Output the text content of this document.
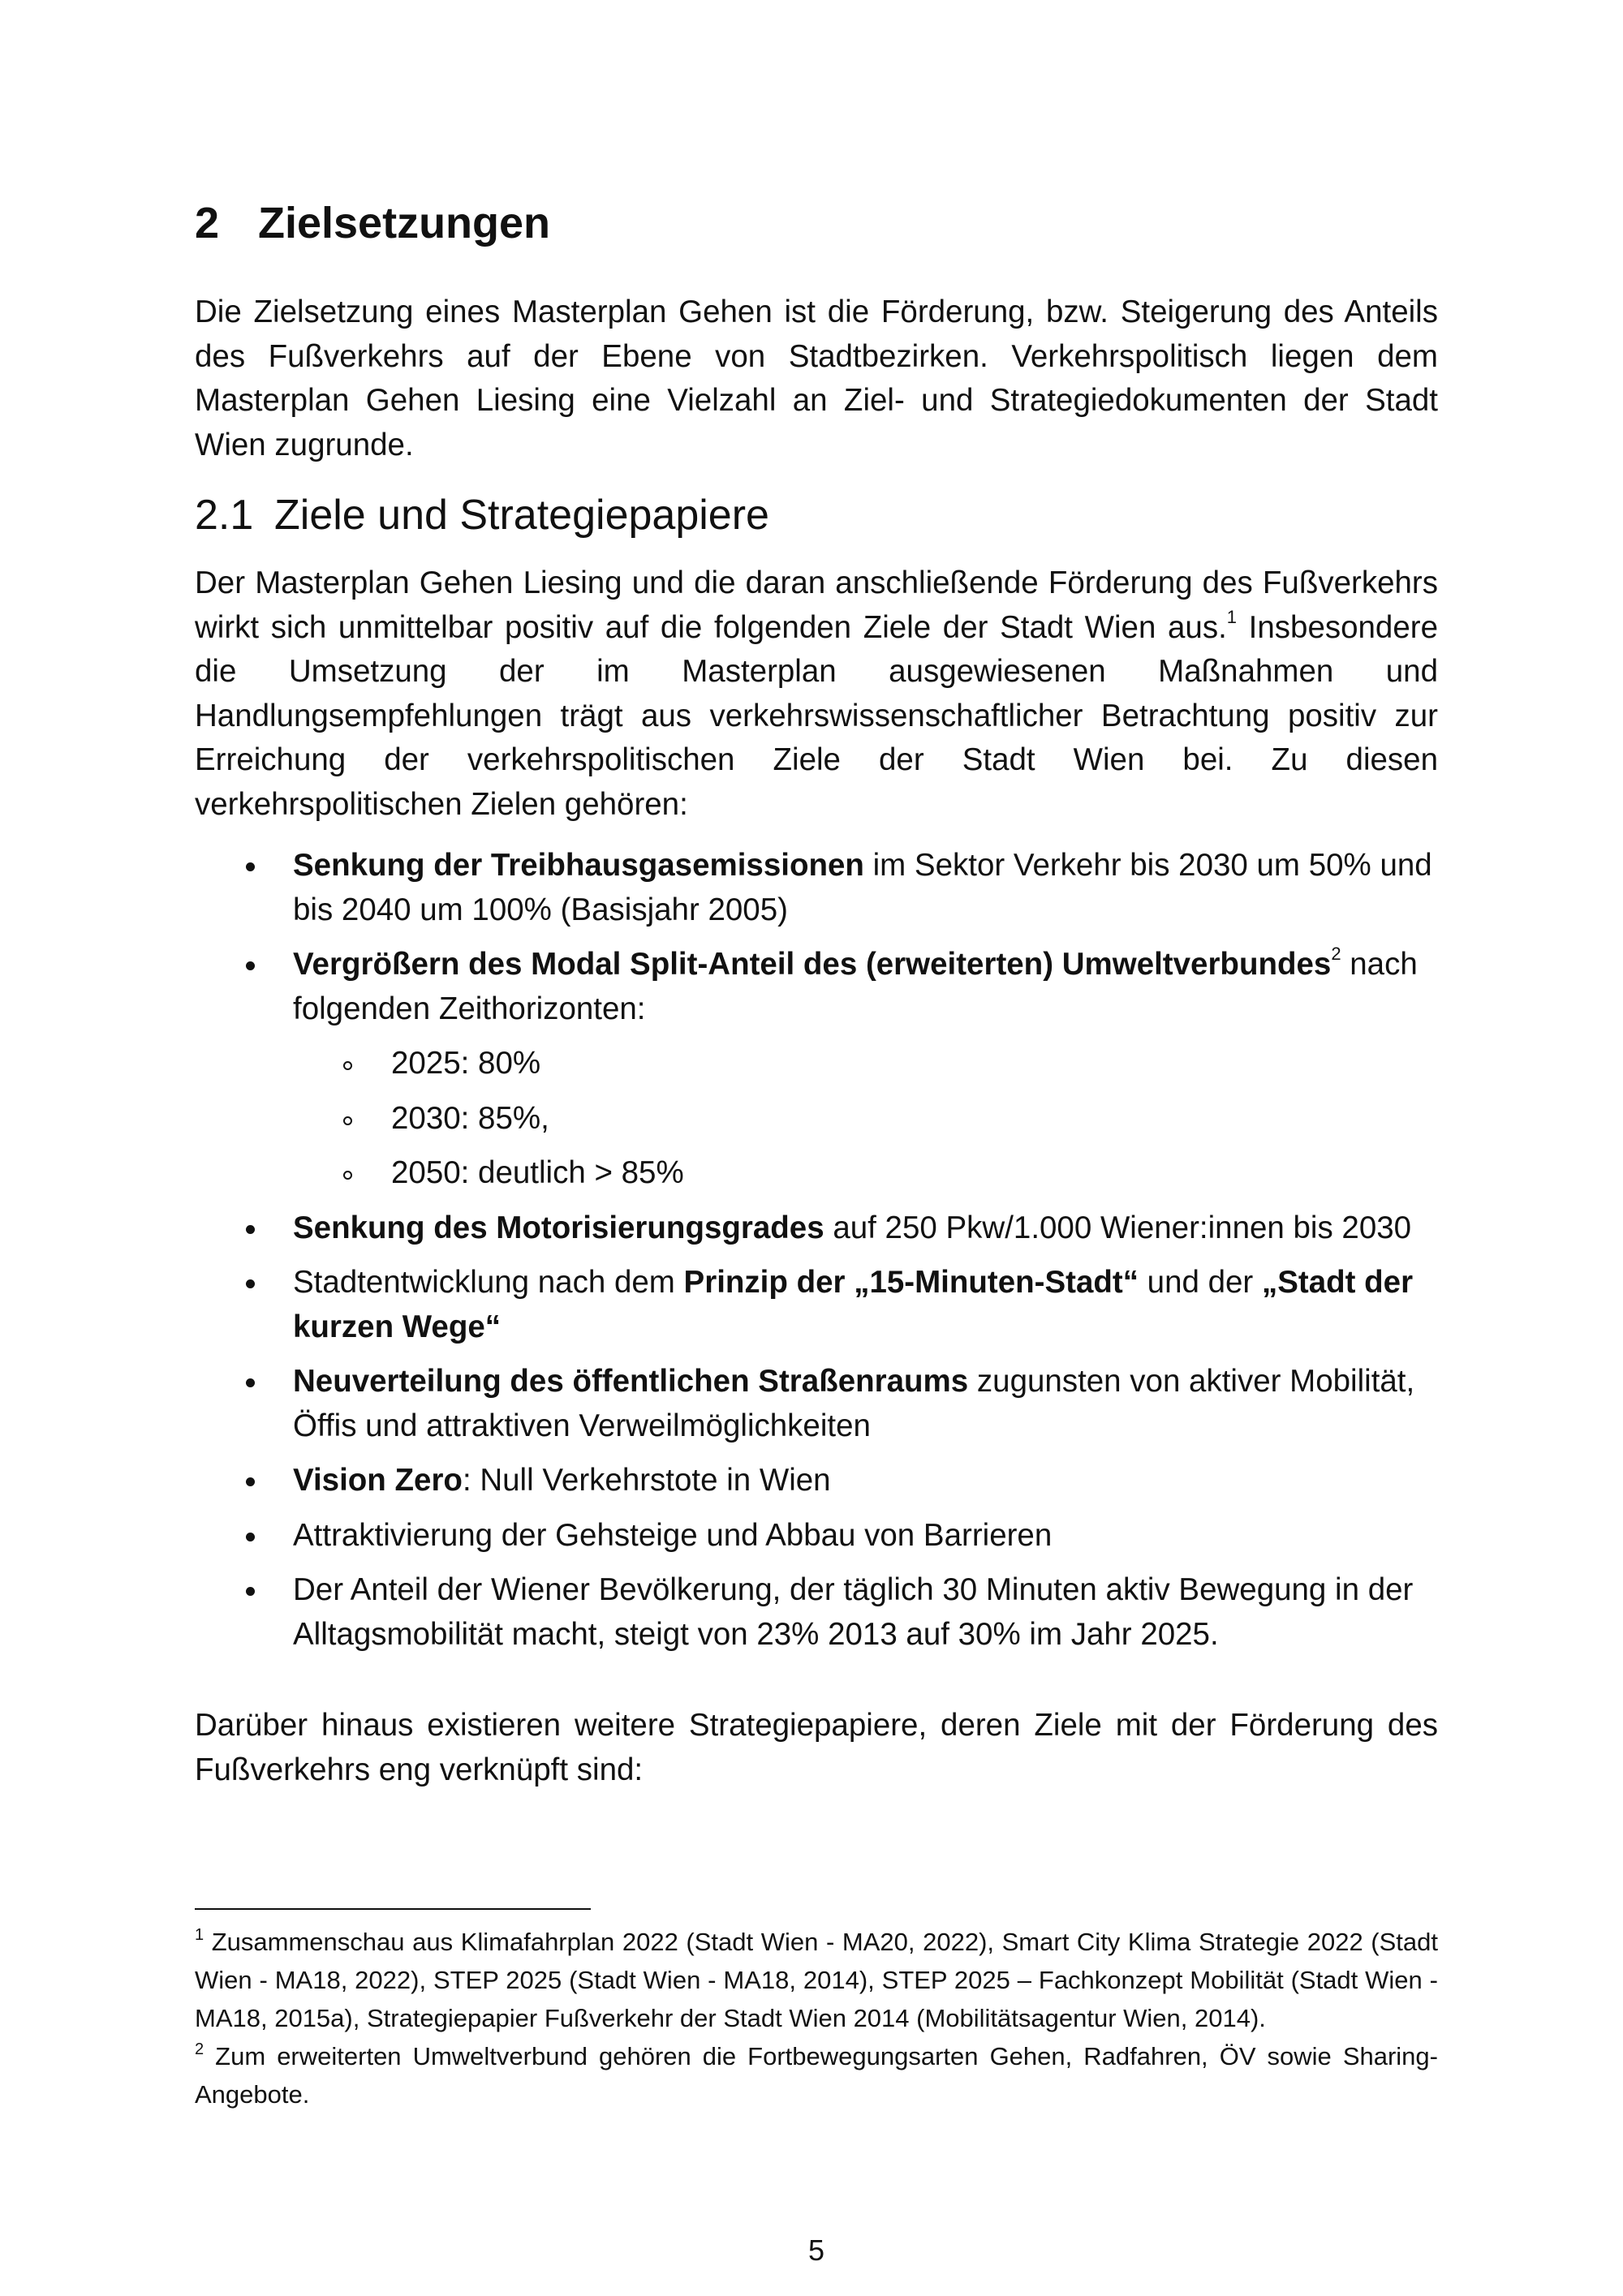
2 Zielsetzungen

Die Zielsetzung eines Masterplan Gehen ist die Förderung, bzw. Steigerung des Anteils des Fußverkehrs auf der Ebene von Stadtbezirken. Verkehrspolitisch liegen dem Masterplan Gehen Liesing eine Vielzahl an Ziel- und Strategiedokumenten der Stadt Wien zugrunde.

2.1 Ziele und Strategiepapiere

Der Masterplan Gehen Liesing und die daran anschließende Förderung des Fußverkehrs wirkt sich unmittelbar positiv auf die folgenden Ziele der Stadt Wien aus.$^1$ Insbesondere die Umsetzung der im Masterplan ausgewiesenen Maßnahmen und Handlungsempfehlungen trägt aus verkehrswissenschaftlicher Betrachtung positiv zur Erreichung der verkehrspolitischen Ziele der Stadt Wien bei. Zu diesen verkehrspolitischen Zielen gehören:

Senkung der Treibhausgasemissionen im Sektor Verkehr bis 2030 um 50% und bis 2040 um 100% (Basisjahr 2005)
Vergrößern des Modal Split-Anteil des (erweiterten) Umweltverbundes$^2$ nach folgenden Zeithorizonten:
2025: 80%
2030: 85%,
2050: deutlich > 85%
Senkung des Motorisierungsgrades auf 250 Pkw/1.000 Wiener:innen bis 2030
Stadtentwicklung nach dem Prinzip der „15-Minuten-Stadt“ und der „Stadt der kurzen Wege“
Neuverteilung des öffentlichen Straßenraums zugunsten von aktiver Mobilität, Öffis und attraktiven Verweilmöglichkeiten
Vision Zero: Null Verkehrstote in Wien
Attraktivierung der Gehsteige und Abbau von Barrieren
Der Anteil der Wiener Bevölkerung, der täglich 30 Minuten aktiv Bewegung in der Alltagsmobilität macht, steigt von 23% 2013 auf 30% im Jahr 2025.

Darüber hinaus existieren weitere Strategiepapiere, deren Ziele mit der Förderung des Fußverkehrs eng verknüpft sind:

$^1$ Zusammenschau aus Klimafahrplan 2022 (Stadt Wien - MA20, 2022), Smart City Klima Strategie 2022 (Stadt Wien - MA18, 2022), STEP 2025 (Stadt Wien - MA18, 2014), STEP 2025 – Fachkonzept Mobilität (Stadt Wien - MA18, 2015a), Strategiepapier Fußverkehr der Stadt Wien 2014 (Mobilitätsagentur Wien, 2014).

$^2$ Zum erweiterten Umweltverbund gehören die Fortbewegungsarten Gehen, Radfahren, ÖV sowie Sharing-Angebote.

5
